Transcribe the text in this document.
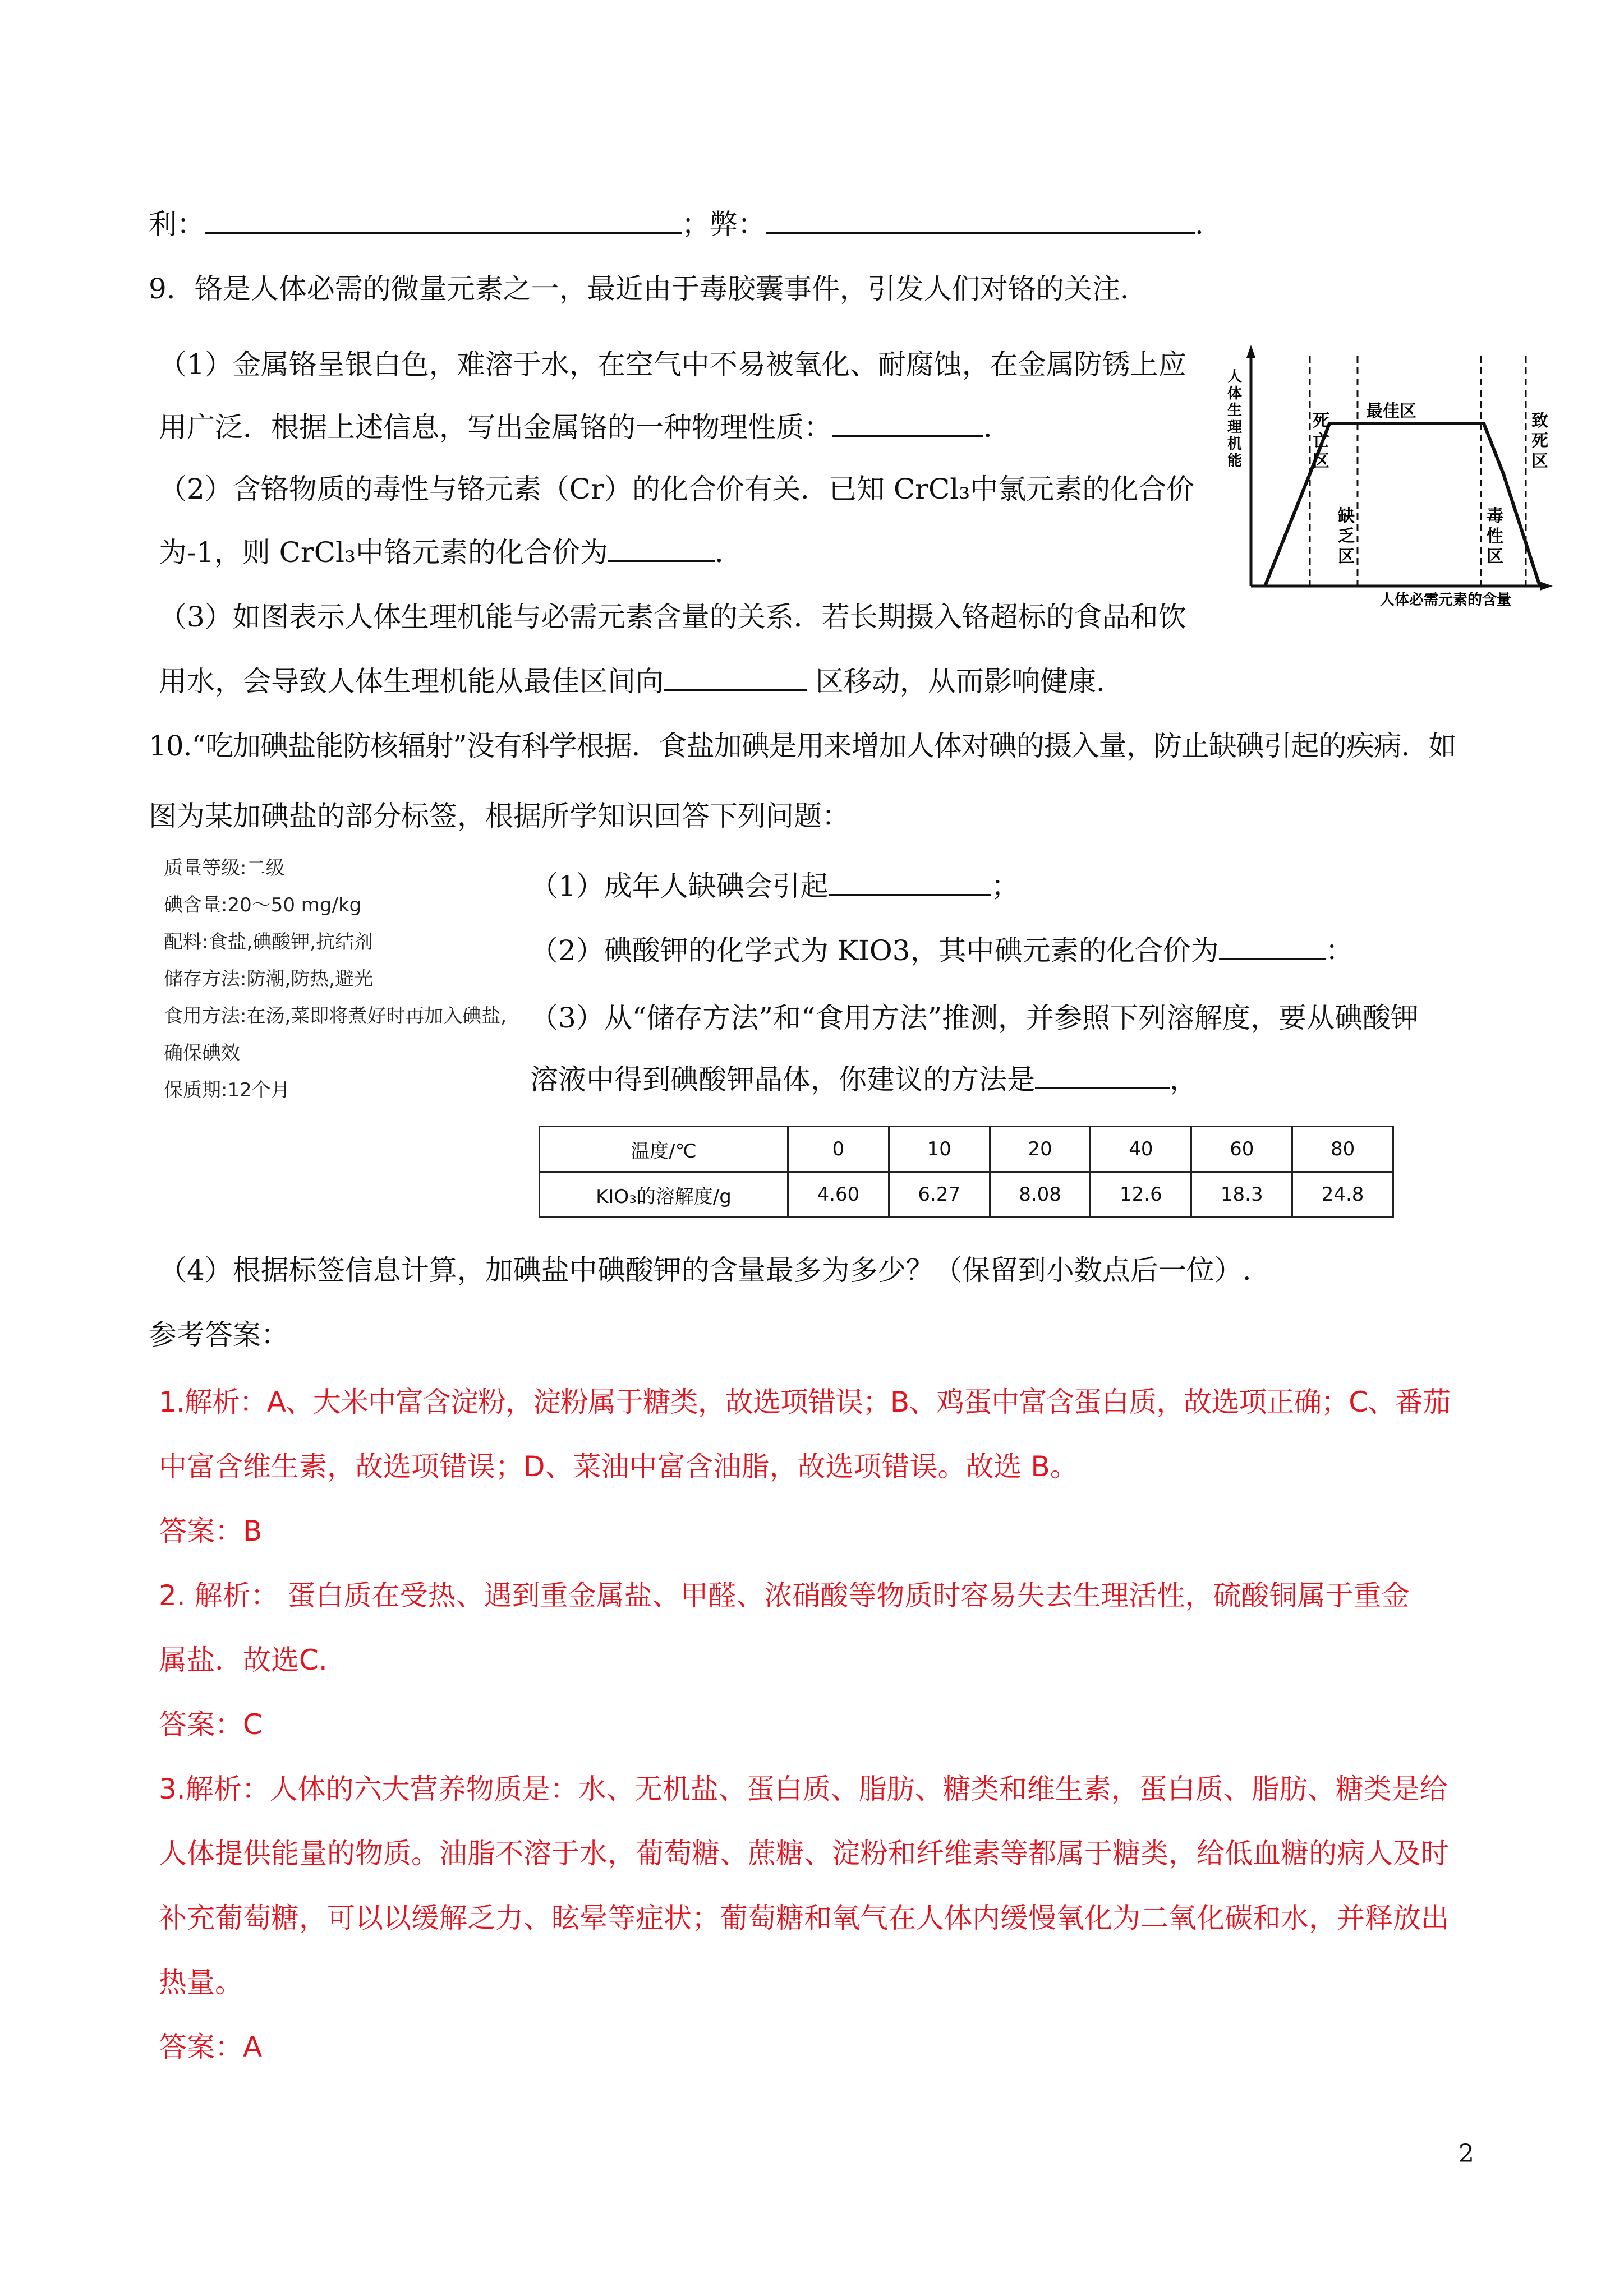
利：	；弊：	.
9．铬是人体必需的微量元素之一，最近由于毒胶囊事件，引发人们对铬的关注.
（1）金属铬呈银白色，难溶于水，在空气中不易被氧化、耐腐蚀，在金属防锈上应
用广泛．根据上述信息，写出金属铬的一种物理性质：	．
（2）含铬物质的毒性与铬元素（Cr）的化合价有关．已知 CrCl₃中氯元素的化合价
为-1，则 CrCl₃中铬元素的化合价为	．
（3）如图表示人体生理机能与必需元素含量的关系．若长期摄入铬超标的食品和饮
用水，会导致人体生理机能从最佳区间向	区移动，从而影响健康.
人体生理机能
最佳区
人体必需元素的含量
死亡区
致死区
缺乏区
毒性区
10.“吃加碘盐能防核辐射”没有科学根据．食盐加碘是用来增加人体对碘的摄入量，防止缺碘引起的疾病．如
图为某加碘盐的部分标签，根据所学知识回答下列问题：
质量等级:二级
碘含量:20～50 mg/kg
配料:食盐,碘酸钾,抗结剂
储存方法:防潮,防热,避光
食用方法:在汤,菜即将煮好时再加入碘盐,
确保碘效
保质期:12个月
（1）成年人缺碘会引起	；
（2）碘酸钾的化学式为 KIO3，其中碘元素的化合价为	：
（3）从“储存方法”和“食用方法”推测，并参照下列溶解度，要从碘酸钾
溶液中得到碘酸钾晶体，你建议的方法是	，
温度/℃	0	10	20	40	60	80
KIO₃的溶解度/g	4.60	6.27	8.08	12.6	18.3	24.8
（4）根据标签信息计算，加碘盐中碘酸钾的含量最多为多少？（保留到小数点后一位）.
参考答案：
1.解析：A、大米中富含淀粉，淀粉属于糖类，故选项错误；B、鸡蛋中富含蛋白质，故选项正确；C、番茄
中富含维生素，故选项错误；D、菜油中富含油脂，故选项错误。故选 B。
答案：B
2. 解析： 蛋白质在受热、遇到重金属盐、甲醛、浓硝酸等物质时容易失去生理活性，硫酸铜属于重金
属盐．故选C.
答案：C
3.解析：人体的六大营养物质是：水、无机盐、蛋白质、脂肪、糖类和维生素，蛋白质、脂肪、糖类是给
人体提供能量的物质。油脂不溶于水，葡萄糖、蔗糖、淀粉和纤维素等都属于糖类，给低血糖的病人及时
补充葡萄糖，可以以缓解乏力、眩晕等症状；葡萄糖和氧气在人体内缓慢氧化为二氧化碳和水，并释放出
热量。
答案：A
2
